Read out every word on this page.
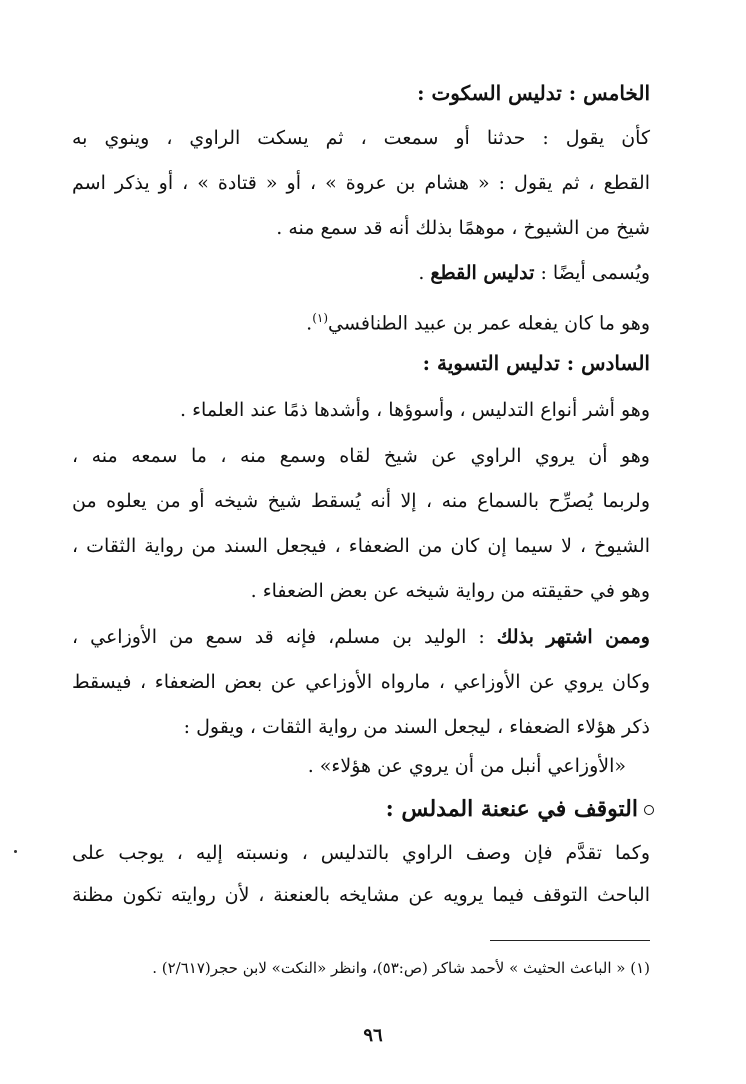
الخامس : تدليس السكوت :
كأن يقول : حدثنا أو سمعت ، ثم يسكت الراوي ، وينوي به
القطع ، ثم يقول : « هشام بن عروة » ، أو « قتادة » ، أو يذكر اسم
شيخ من الشيوخ ، موهمًا بذلك أنه قد سمع منه .
ويُسمى أيضًا : تدليس القطع .
وهو ما كان يفعله عمر بن عبيد الطنافسي$^{(١)}$.
السادس : تدليس التسوية :
وهو أشر أنواع التدليس ، وأسوؤها ، وأشدها ذمًا عند العلماء .
وهو أن يروي الراوي عن شيخ لقاه وسمع منه ، ما سمعه منه ،
ولربما يُصرِّح بالسماع منه ، إلا أنه يُسقط شيخ شيخه أو من يعلوه من
الشيوخ ، لا سيما إن كان من الضعفاء ، فيجعل السند من رواية الثقات ،
وهو في حقيقته من رواية شيخه عن بعض الضعفاء .
وممن اشتهر بذلك : الوليد بن مسلم، فإنه قد سمع من الأوزاعي ،
وكان يروي عن الأوزاعي ، مارواه الأوزاعي عن بعض الضعفاء ، فيسقط
ذكر هؤلاء الضعفاء ، ليجعل السند من رواية الثقات ، ويقول :
«الأوزاعي أنبل من أن يروي عن هؤلاء» .
التوقف في عنعنة المدلس :
وكما تقدَّم فإن وصف الراوي بالتدليس ، ونسبته إليه ، يوجب على
الباحث التوقف فيما يرويه عن مشايخه بالعنعنة ، لأن روايته تكون مظنة
(١) « الباعث الحثيث » لأحمد شاكر (ص:٥٣)، وانظر «النكت» لابن حجر(٢/٦١٧) .
٩٦
